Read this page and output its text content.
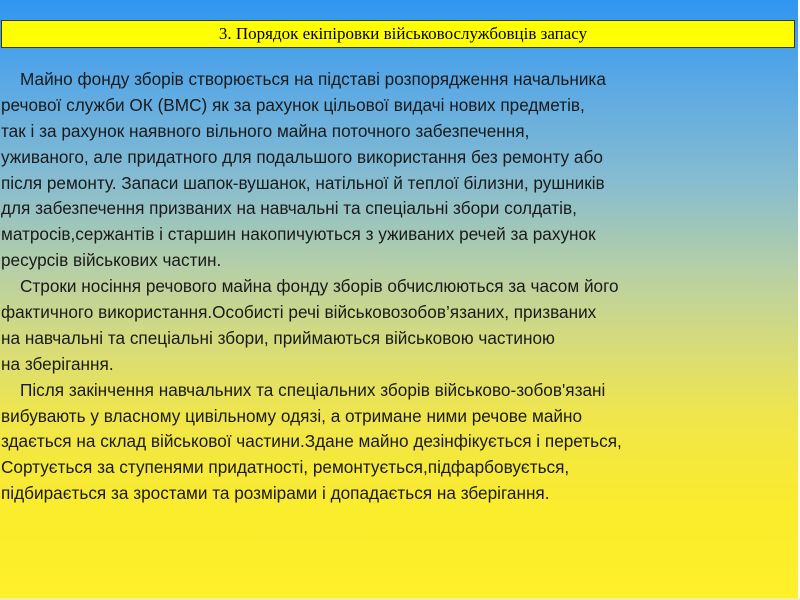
3. Порядок екіпіровки військовослужбовців запасу
Майно фонду зборів створюється на підставі розпорядження начальника
речової служби ОК (ВМС) як за рахунок цільової видачі нових предметів,
так і за рахунок наявного вільного майна поточного забезпечення,
уживаного, але придатного для подальшого використання без ремонту або
після ремонту. Запаси шапок-вушанок, натільної й теплої білизни, рушників
для забезпечення призваних на навчальні та спеціальні збори солдатів,
матросів,сержантів і старшин накопичуються з уживаних речей за рахунок
ресурсів військових частин.
Строки носіння речового майна фонду зборів обчислюються за часом його
фактичного використання.Особисті речі військовозобов’язаних, призваних
на навчальні та спеціальні збори, приймаються військовою частиною
на зберігання.
Після закінчення навчальних та спеціальних зборів військово-зобов'язані
вибувають у власному цивільному одязі, а отримане ними речове майно
здається на склад військової частини.Здане майно дезінфікується і переться,
Сортується за ступенями придатності, ремонтується,підфарбовується,
підбирається за зростами та розмірами і допадається на зберігання.
